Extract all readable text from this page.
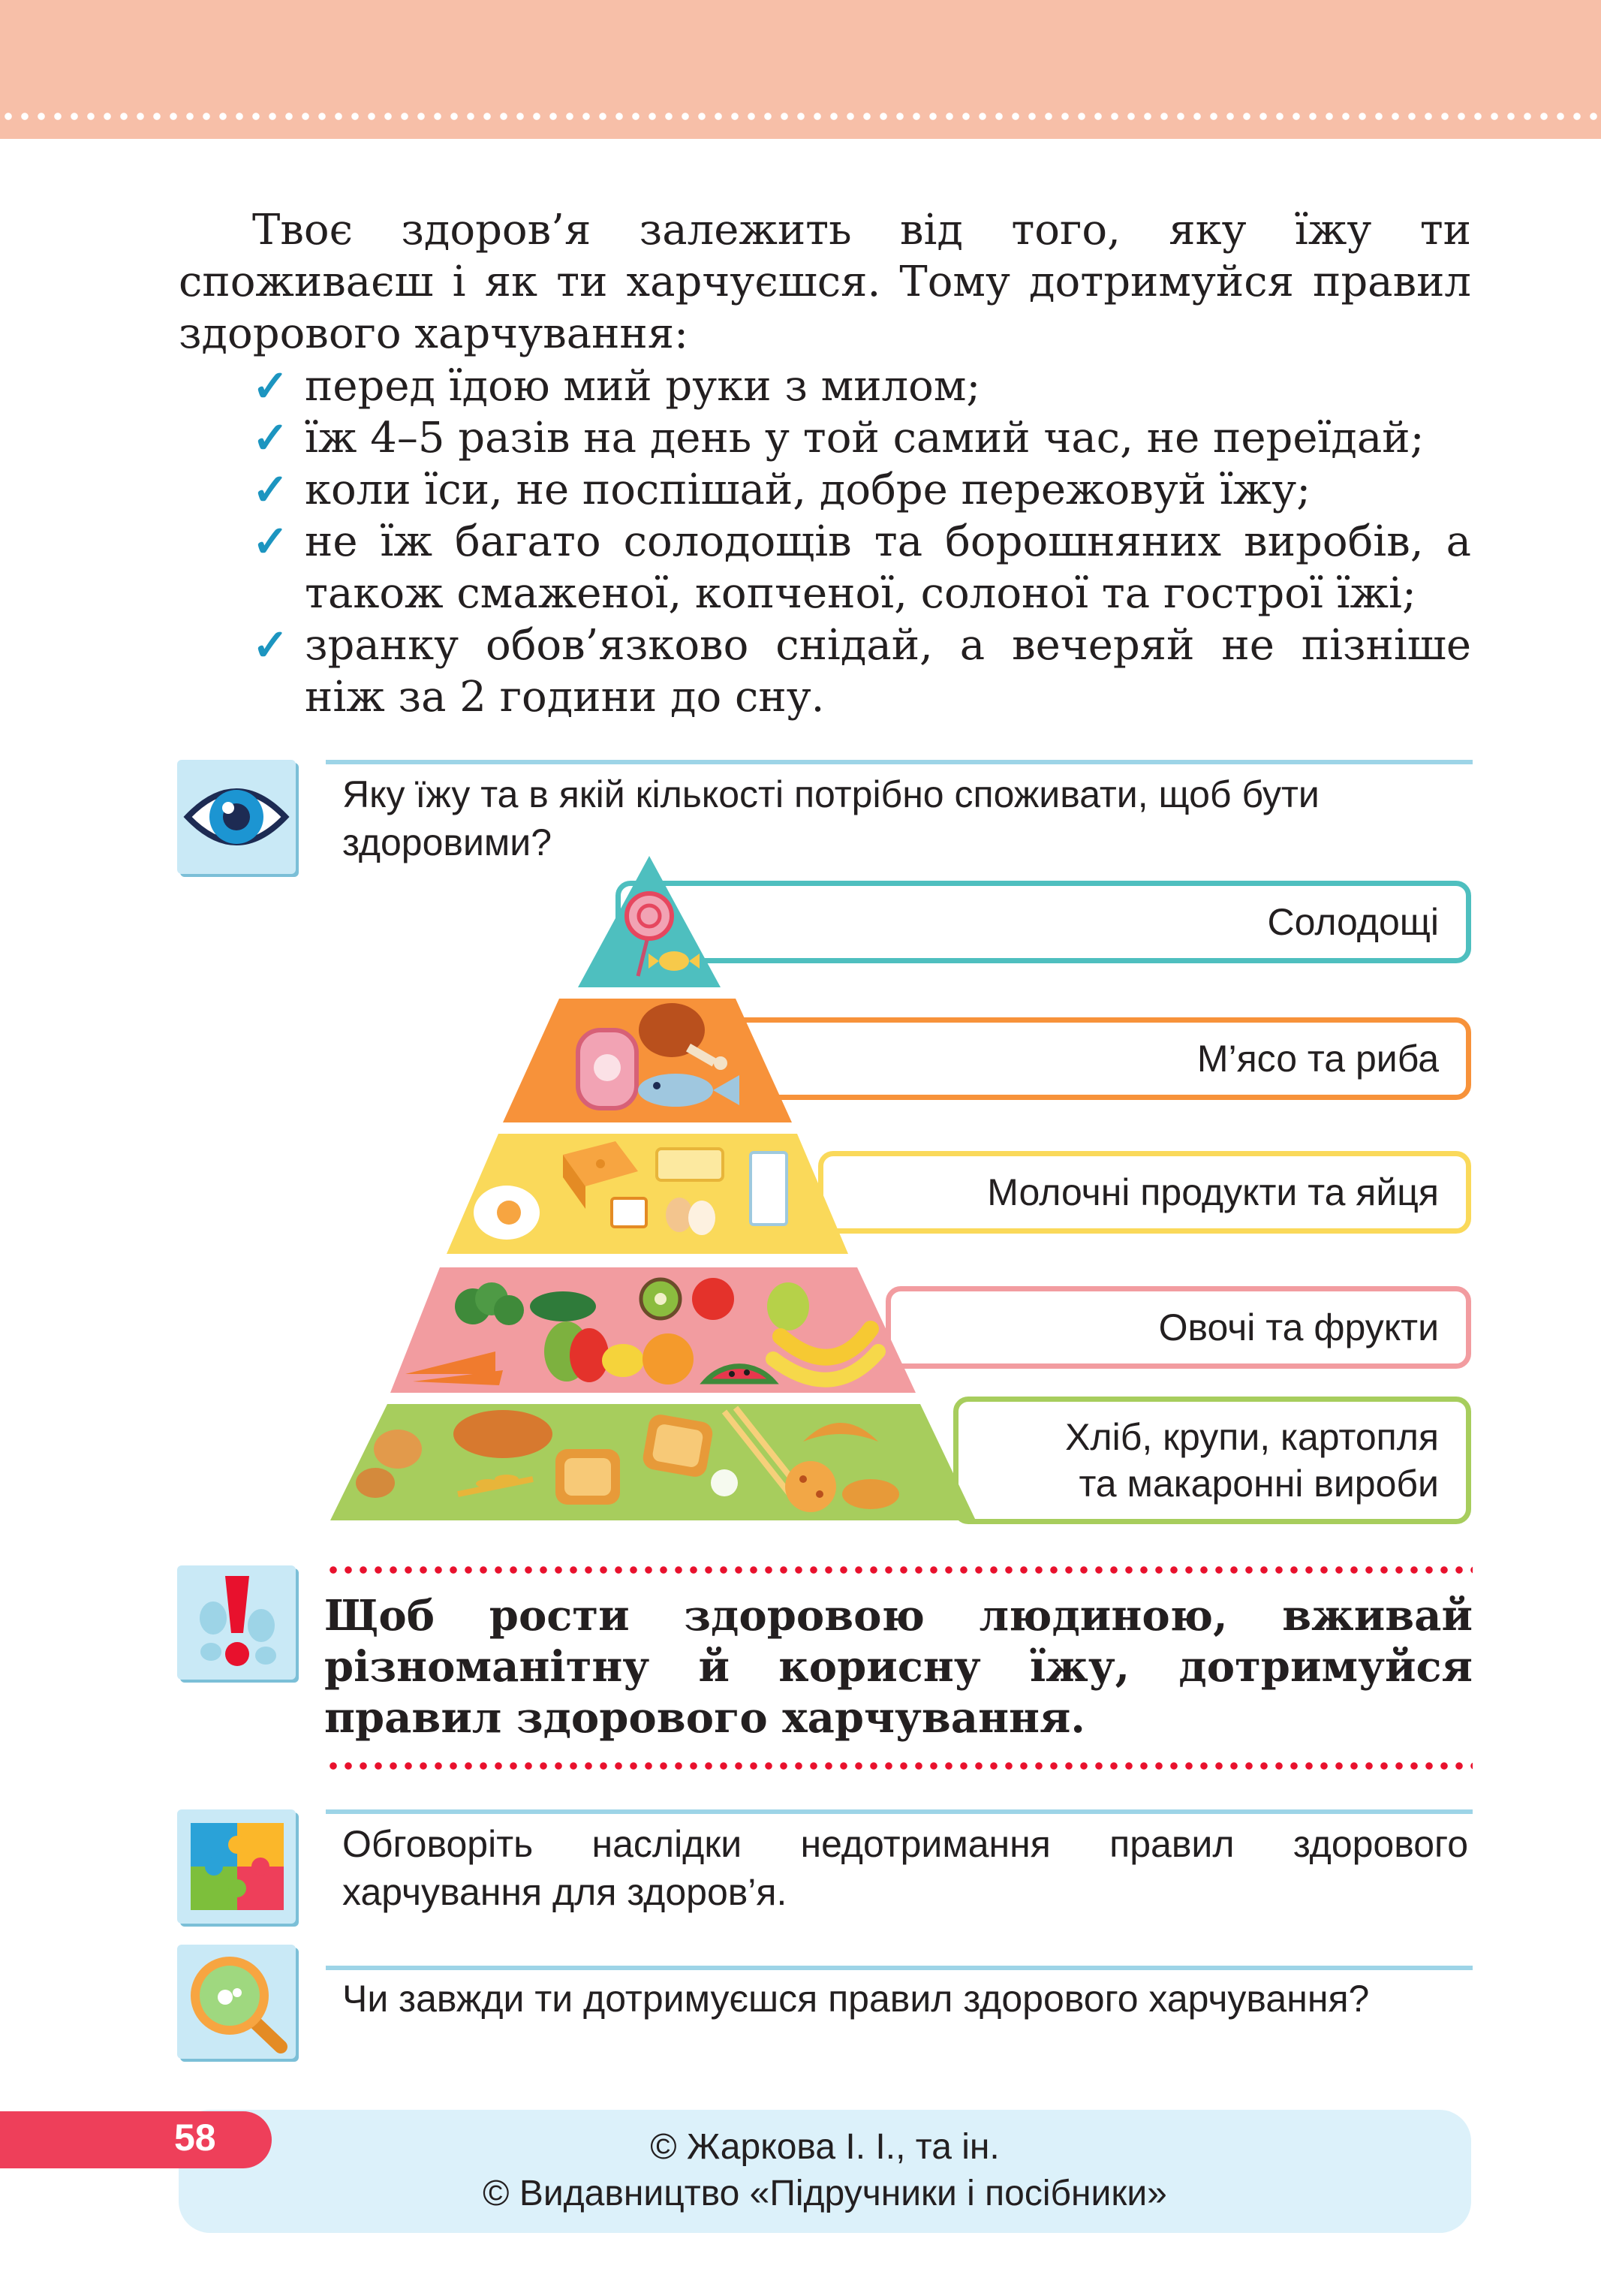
Твоє здоров’я залежить від того, яку їжу ти споживаєш і як ти харчуєшся. Тому дотримуйся правил здорового харчування:

✓ перед їдою мий руки з милом;
✓ їж 4–5 разів на день у той самий час, не переїдай;
✓ коли їси, не поспішай, добре пережовуй їжу;
✓ не їж багато солодощів та борошняних виробів, а також смаженої, копченої, солоної та гострої їжі;
✓ зранку обов’язково снідай, а вечеряй не пізніше ніж за 2 години до сну.
Яку їжу та в якій кількості потрібно споживати, щоб бути здоровими?
Солодощі
М’ясо та риба
Молочні продукти та яйця
Овочі та фрукти
Хліб, крупи, картопля
та макаронні вироби
Щоб рости здоровою людиною, вживай різноманітну й корисну їжу, дотримуйся правил здорового харчування.
Обговоріть наслідки недотримання правил здорового харчування для здоров’я.
Чи завжди ти дотримуєшся правил здорового харчування?
58	© Жаркова І. І., та ін.
© Видавництво «Підручники і посібники»
